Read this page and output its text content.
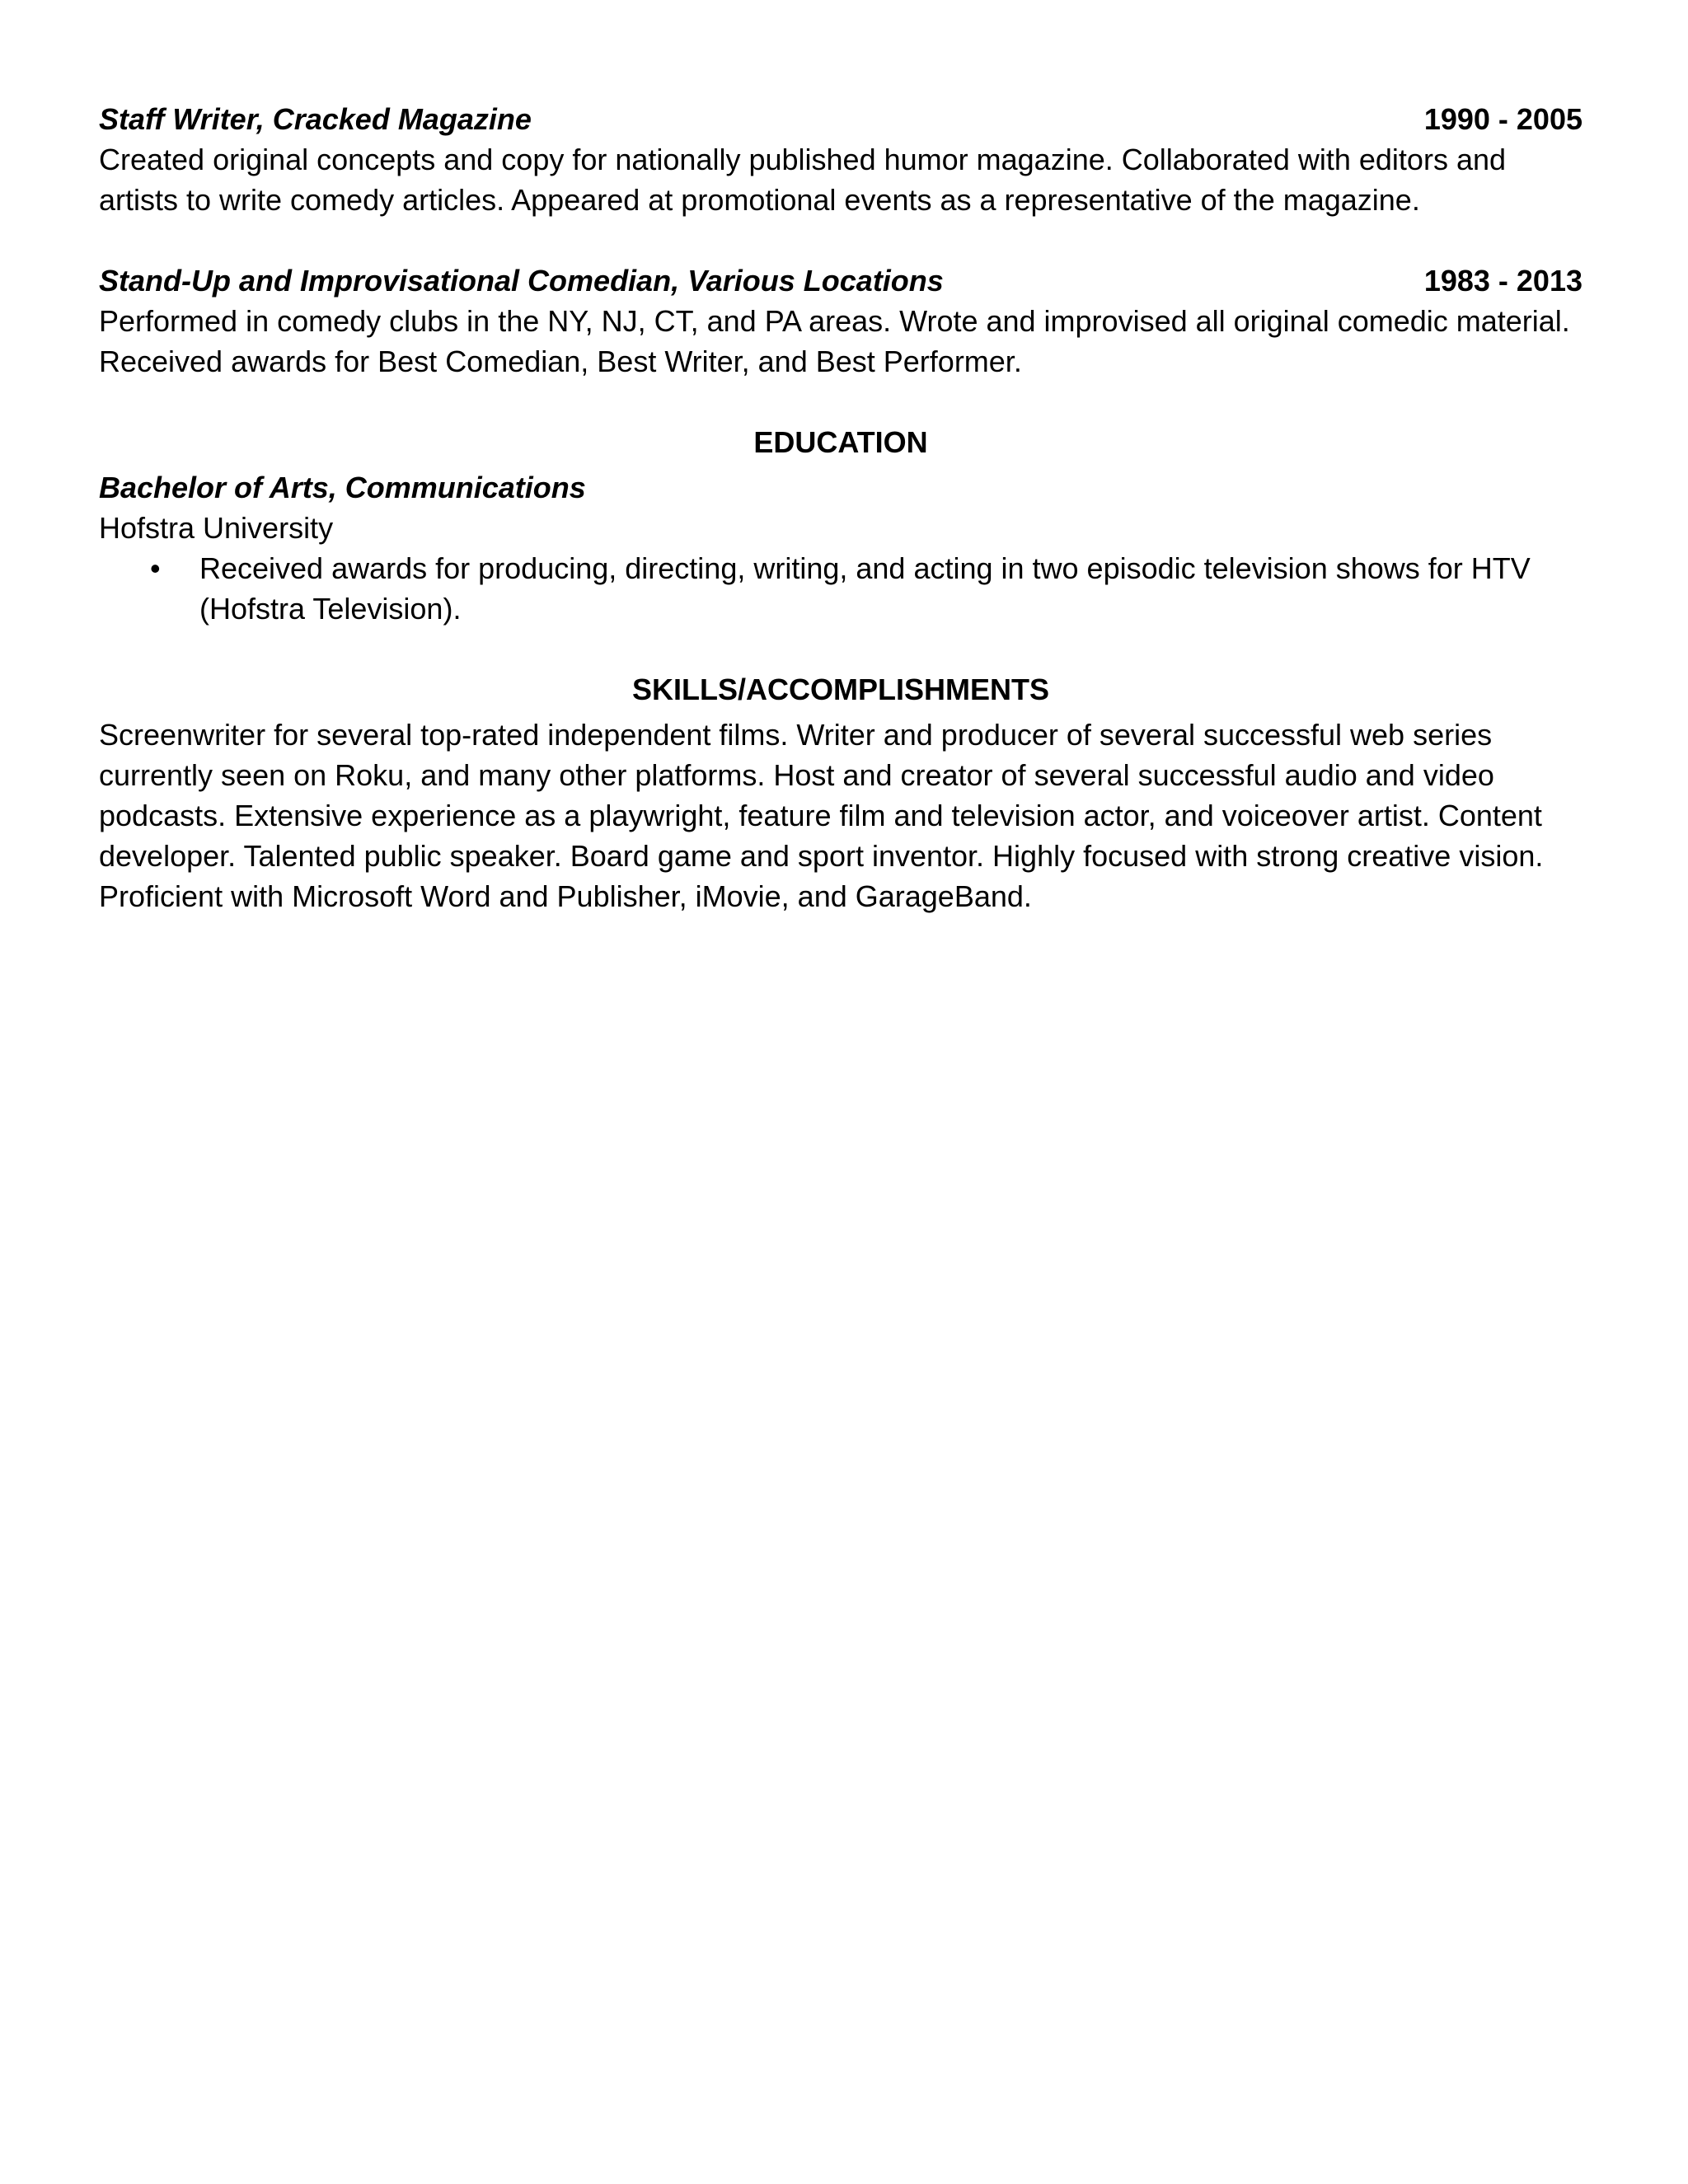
Staff Writer, Cracked Magazine	1990 - 2005

Created original concepts and copy for nationally published humor magazine. Collaborated with editors and artists to write comedy articles. Appeared at promotional events as a representative of the magazine.

Stand-Up and Improvisational Comedian, Various Locations	1983 - 2013

Performed in comedy clubs in the NY, NJ, CT, and PA areas. Wrote and improvised all original comedic material. Received awards for Best Comedian, Best Writer, and Best Performer.

EDUCATION
Bachelor of Arts, Communications
Hofstra University
• Received awards for producing, directing, writing, and acting in two episodic television shows for HTV (Hofstra Television).
SKILLS/ACCOMPLISHMENTS

Screenwriter for several top-rated independent films. Writer and producer of several successful web series currently seen on Roku, and many other platforms. Host and creator of several successful audio and video podcasts. Extensive experience as a playwright, feature film and television actor, and voiceover artist. Content developer. Talented public speaker. Board game and sport inventor. Highly focused with strong creative vision. Proficient with Microsoft Word and Publisher, iMovie, and GarageBand.
